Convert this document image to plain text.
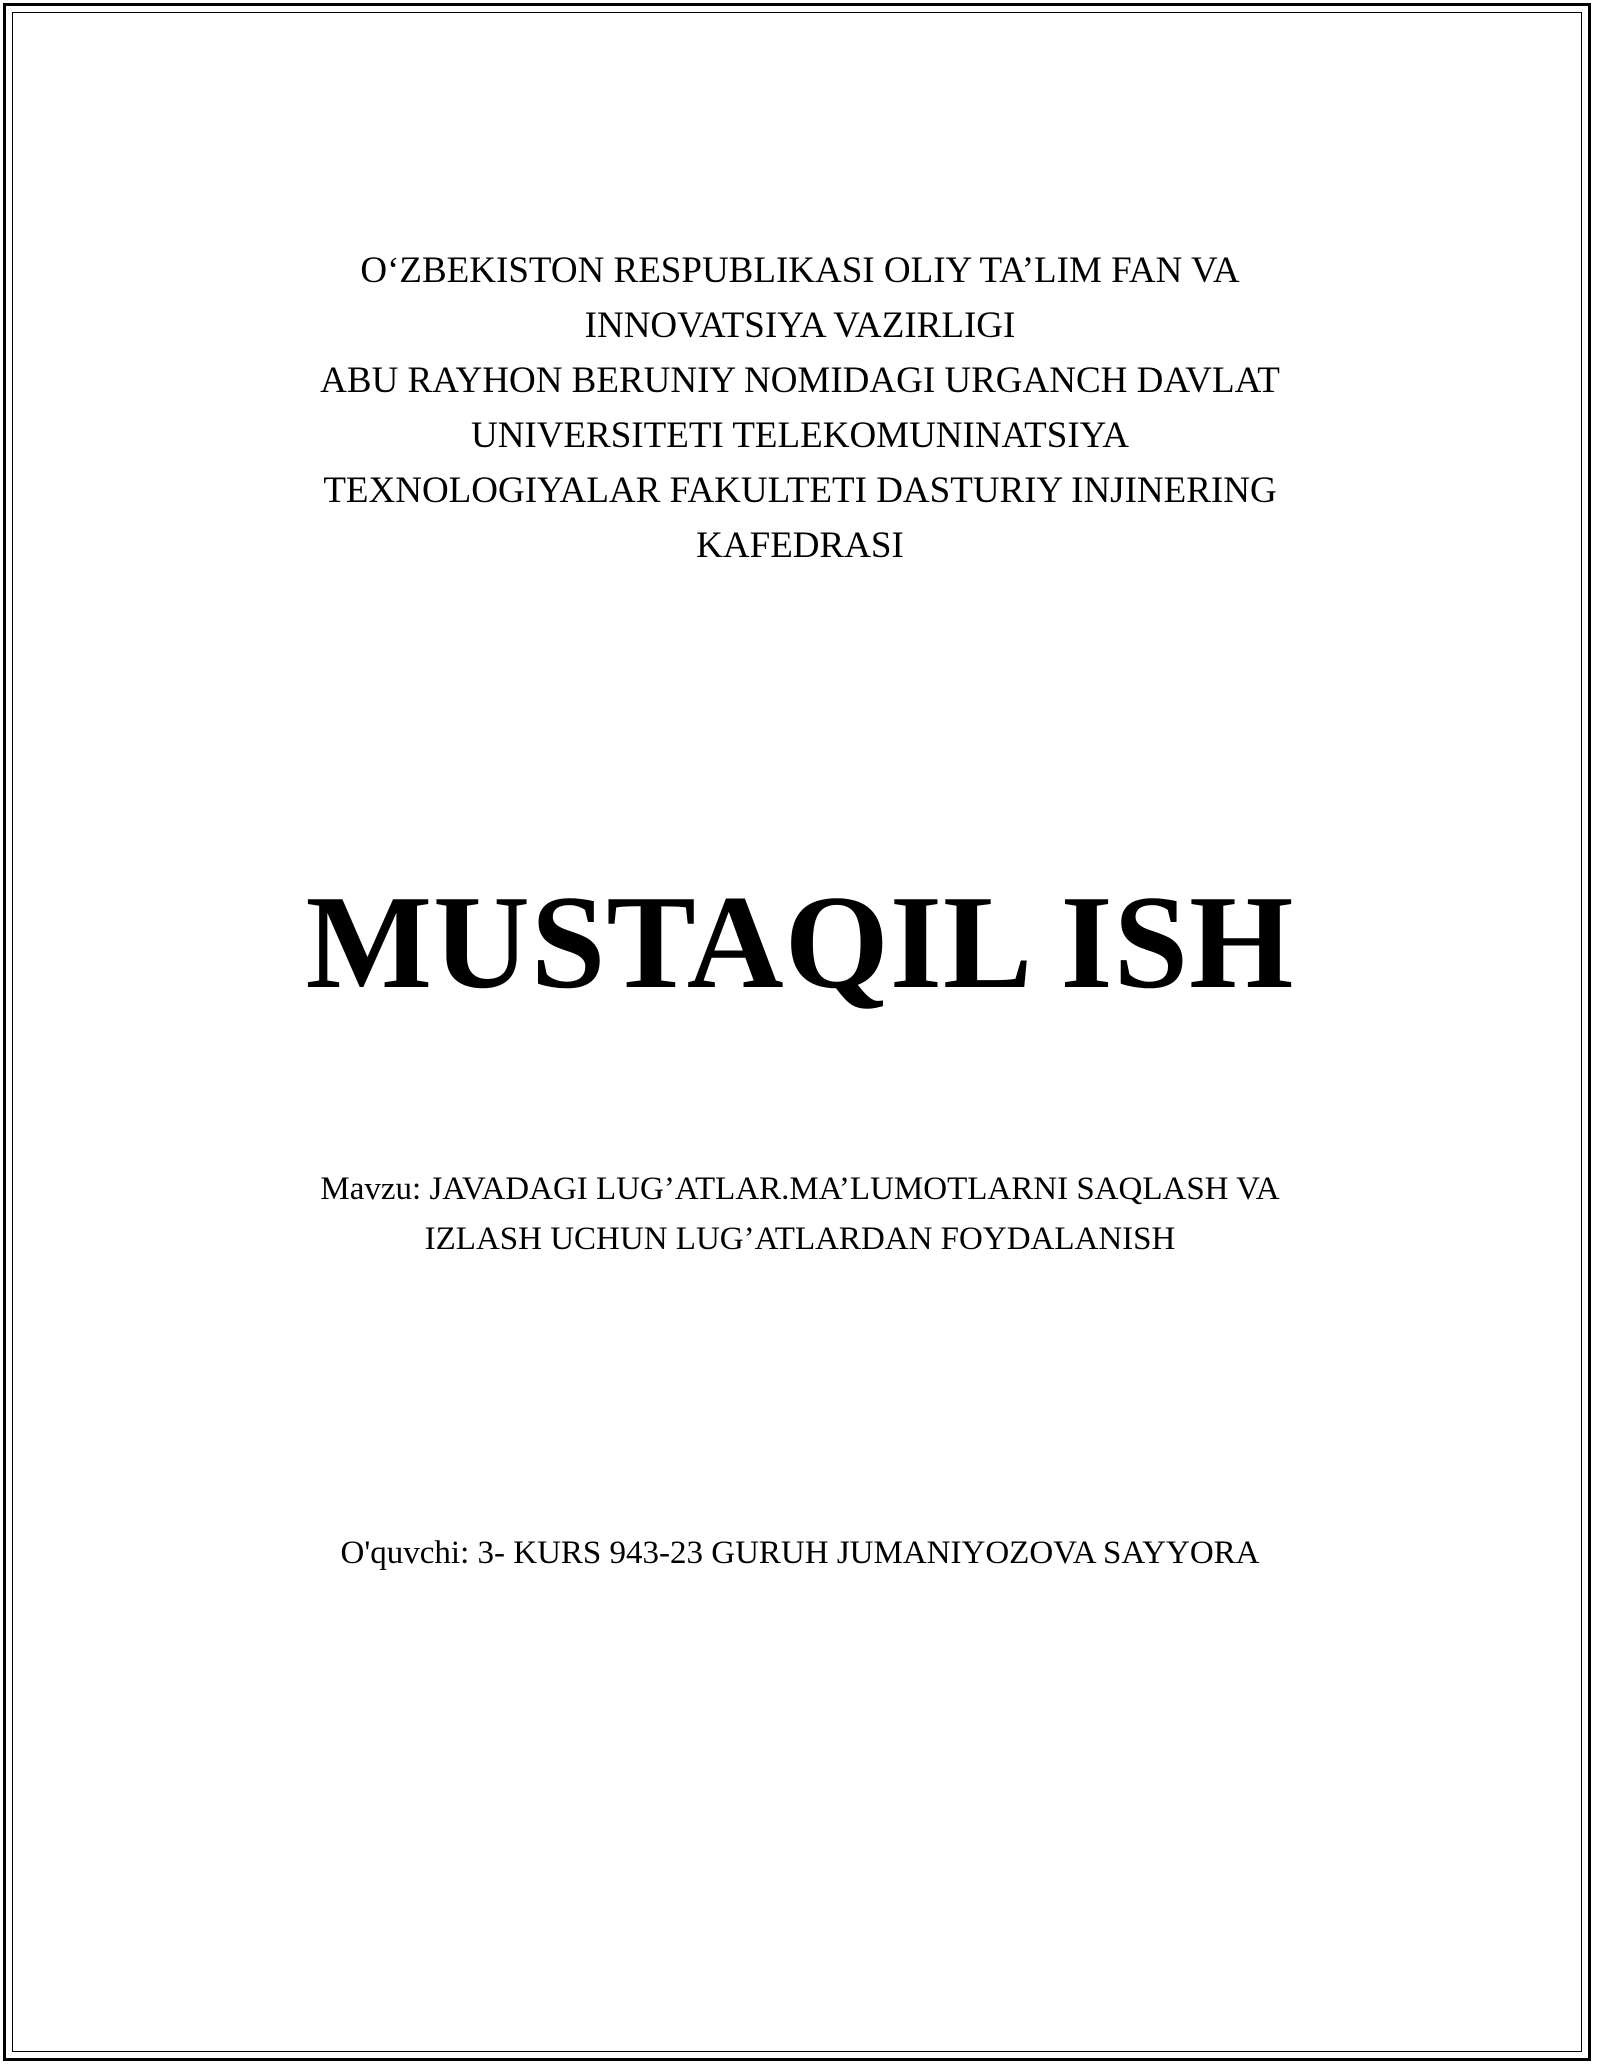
O‘ZBEKISTON RESPUBLIKASI OLIY TA’LIM FAN VA
INNOVATSIYA VAZIRLIGI
ABU RAYHON BERUNIY NOMIDAGI URGANCH DAVLAT
UNIVERSITETI TELEKOMUNINATSIYA
TEXNOLOGIYALAR FAKULTETI DASTURIY INJINERING
KAFEDRASI
MUSTAQIL ISH
Mavzu: JAVADAGI LUG’ATLAR.MA’LUMOTLARNI SAQLASH VA
IZLASH UCHUN LUG’ATLARDAN FOYDALANISH
O'quvchi: 3- KURS 943-23 GURUH JUMANIYOZOVA SAYYORA
